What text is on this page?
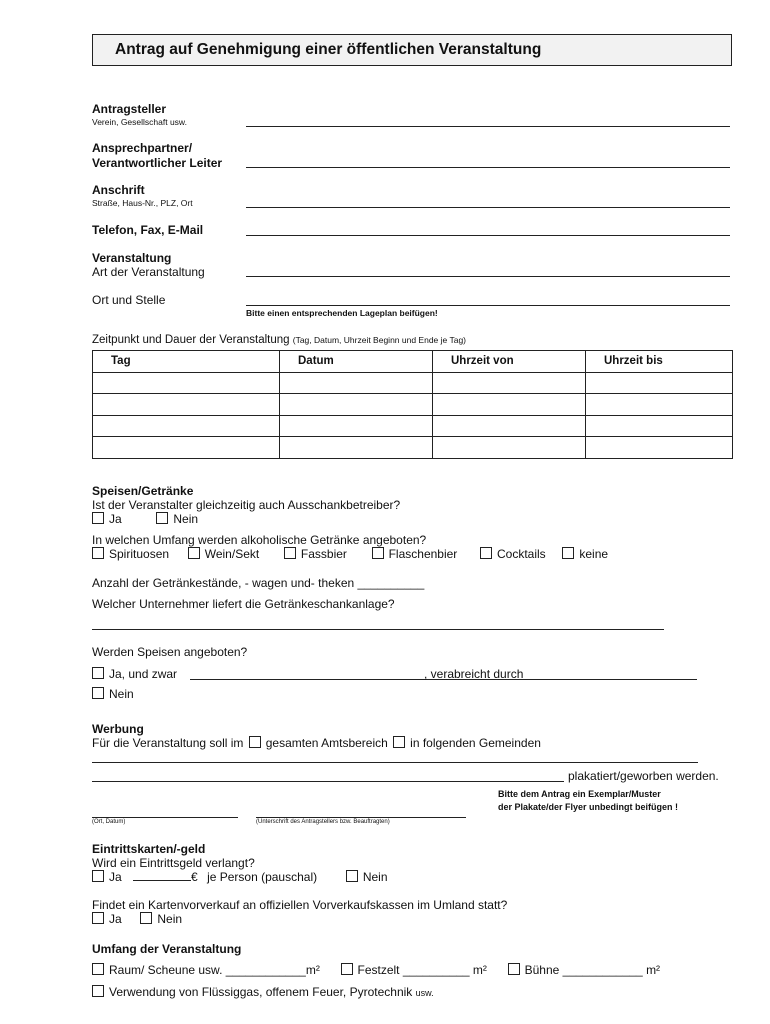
Antrag auf Genehmigung einer öffentlichen Veranstaltung
Antragsteller
Verein, Gesellschaft usw.
Ansprechpartner/
Verantwortlicher Leiter
Anschrift
Straße, Haus-Nr., PLZ, Ort
Telefon, Fax, E-Mail
Veranstaltung
Art der Veranstaltung
Ort und Stelle
Bitte einen entsprechenden Lageplan beifügen!
Zeitpunkt und Dauer der Veranstaltung (Tag, Datum, Uhrzeit Beginn und Ende je Tag)
Tag	Datum	Uhrzeit von	Uhrzeit bis

Speisen/Getränke
Ist der Veranstalter gleichzeitig auch Ausschankbetreiber?
Ja	Nein
In welchen Umfang werden alkoholische Getränke angeboten?
Spirituosen	Wein/Sekt	Fassbier	Flaschenbier	Cocktails	keine
Anzahl der Getränkestände, - wagen und- theken __________
Welcher Unternehmer liefert die Getränkeschankanlage?
Werden Speisen angeboten?
Ja, und zwar	, verabreicht durch
Nein
Werbung
Für die Veranstaltung soll im gesamten Amtsbereich in folgenden Gemeinden
plakatiert/geworben werden.
Bitte dem Antrag ein Exemplar/Muster
der Plakate/der Flyer unbedingt beifügen !
(Ort, Datum)	(Unterschrift des Antragstellers bzw. Beauftragten)
Eintrittskarten/-geld
Wird ein Eintrittsgeld verlangt?
Ja	€ je Person (pauschal)	Nein
Findet ein Kartenvorverkauf an offiziellen Vorverkaufskassen im Umland statt?
Ja	Nein
Umfang der Veranstaltung
Raum/ Scheune usw. ____________m²	Festzelt __________ m²	Bühne ____________ m²
Verwendung von Flüssiggas, offenem Feuer, Pyrotechnik usw.
